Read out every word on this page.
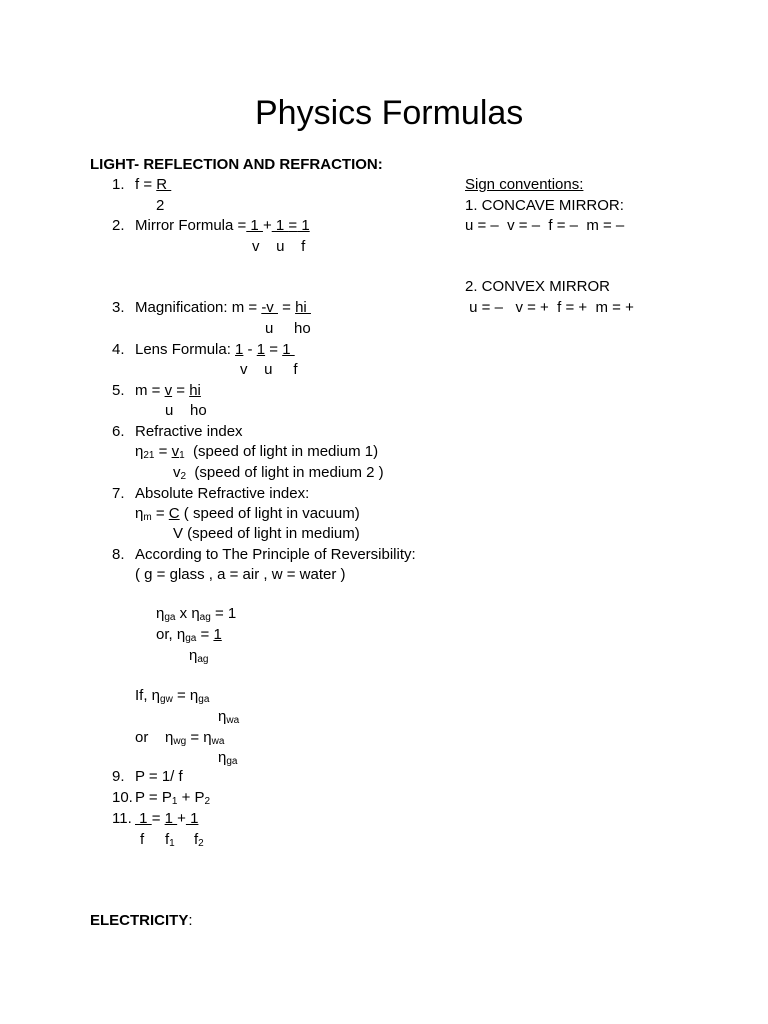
Physics Formulas
LIGHT- REFLECTION AND REFRACTION:
1. f = R
2
2. Mirror Formula = 1 + 1 = 1
v    u    f
3. Magnification: m = -v  = hi
u ho
4. Lens Formula: 1 - 1 = 1
v    u     f
5. m = v = hi
u    ho
6. Refractive index
$\eta_{21} = v_1$  (speed of light in medium 1)
$v_2$  (speed of light in medium 2 )
7. Absolute Refractive index:
$\eta_m = C$ ( speed of light in vacuum)
V (speed of light in medium)
8. According to The Principle of Reversibility:
( g = glass , a = air , w = water )
$\eta_{ga}$ x $\eta_{ag} = 1$
or, $\eta_{ga} = 1$
$\eta_{ag}$
If, $\eta_{gw} = \eta_{ga}$
$\eta_{wa}$
or    $\eta_{wg} = \eta_{wa}$
$\eta_{ga}$
9. P = 1/ f
10. $P = P_1 + P_2$
11. 1 = 1 + 1
f $f_1$ $f_2$
Sign conventions:
1. CONCAVE MIRROR:
u = –  v = –  f = –  m = –
2. CONVEX MIRROR
u = –   v = +  f = +  m = +
ELECTRICITY:
